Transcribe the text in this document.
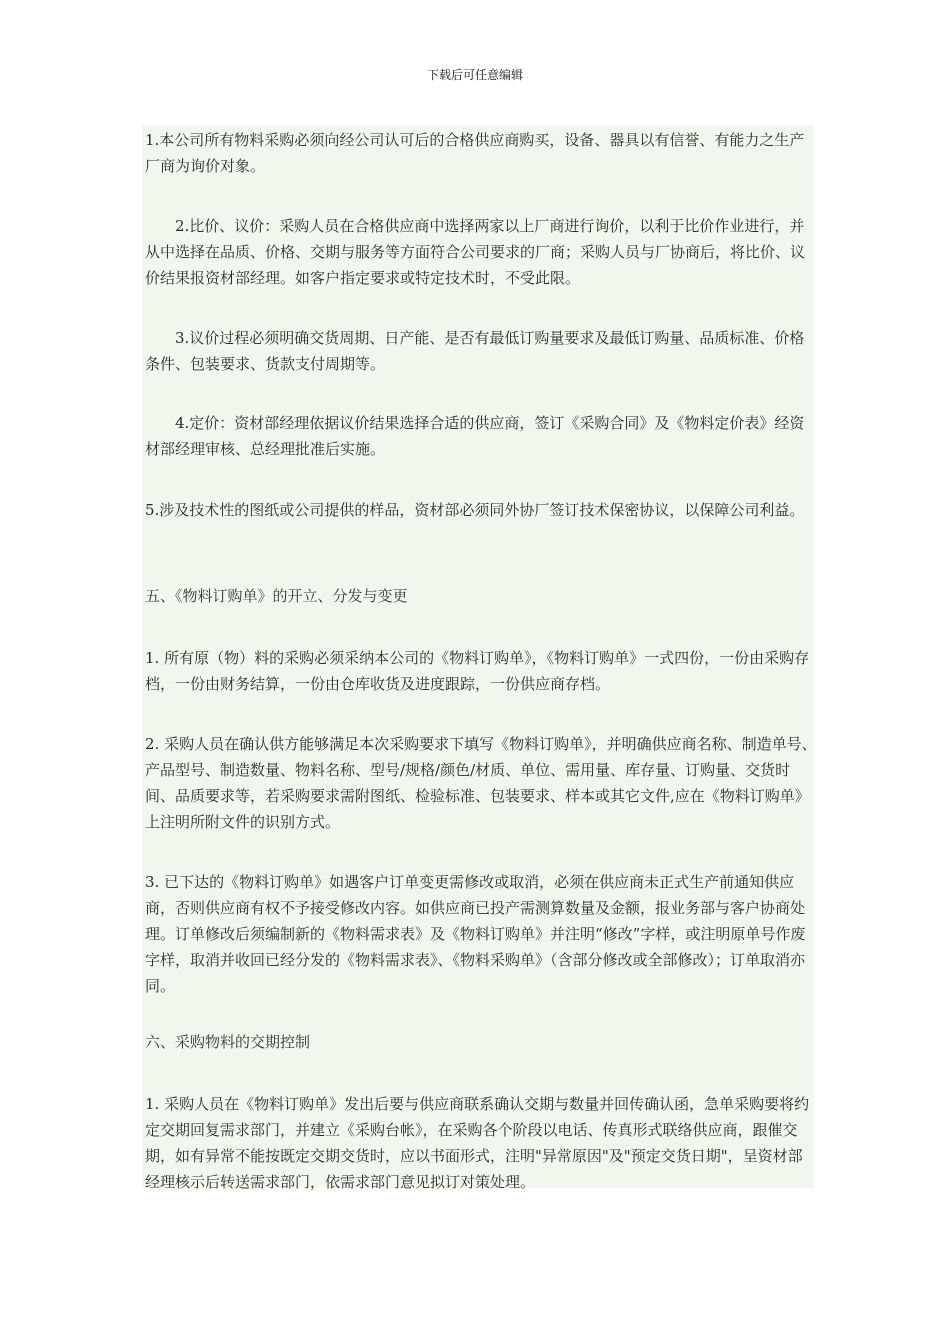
下载后可任意编辑

1.本公司所有物料采购必须向经公司认可后的合格供应商购买，设备、器具以有信誉、有能力之生产厂商为询价对象。

2.比价、议价：采购人员在合格供应商中选择两家以上厂商进行询价，以利于比价作业进行，并从中选择在品质、价格、交期与服务等方面符合公司要求的厂商；采购人员与厂协商后，将比价、议价结果报资材部经理。如客户指定要求或特定技术时，不受此限。

3.议价过程必须明确交货周期、日产能、是否有最低订购量要求及最低订购量、品质标准、价格条件、包装要求、货款支付周期等。

4.定价：资材部经理依据议价结果选择合适的供应商，签订《采购合同》及《物料定价表》经资材部经理审核、总经理批准后实施。

5.涉及技术性的图纸或公司提供的样品，资材部必须同外协厂签订技术保密协议，以保障公司利益。

五、《物料订购单》的开立、分发与变更

1. 所有原（物）料的采购必须采纳本公司的《物料订购单》，《物料订购单》一式四份，一份由采购存档，一份由财务结算，一份由仓库收货及进度跟踪，一份供应商存档。

2. 采购人员在确认供方能够满足本次采购要求下填写《物料订购单》，并明确供应商名称、制造单号、产品型号、制造数量、物料名称、型号/规格/颜色/材质、单位、需用量、库存量、订购量、交货时间、品质要求等，若采购要求需附图纸、检验标准、包装要求、样本或其它文件,应在《物料订购单》上注明所附文件的识别方式。

3. 已下达的《物料订购单》如遇客户订单变更需修改或取消，必须在供应商未正式生产前通知供应商，否则供应商有权不予接受修改内容。如供应商已投产需测算数量及金额，报业务部与客户协商处理。订单修改后须编制新的《物料需求表》及《物料订购单》并注明“修改”字样，或注明原单号作废字样，取消并收回已经分发的《物料需求表》、《物料采购单》（含部分修改或全部修改）；订单取消亦同。

六、采购物料的交期控制

1. 采购人员在《物料订购单》发出后要与供应商联系确认交期与数量并回传确认函，急单采购要将约定交期回复需求部门，并建立《采购台帐》，在采购各个阶段以电话、传真形式联络供应商，跟催交期，如有异常不能按既定交期交货时，应以书面形式，注明"异常原因"及"预定交货日期"，呈资材部经理核示后转送需求部门，依需求部门意见拟订对策处理。
